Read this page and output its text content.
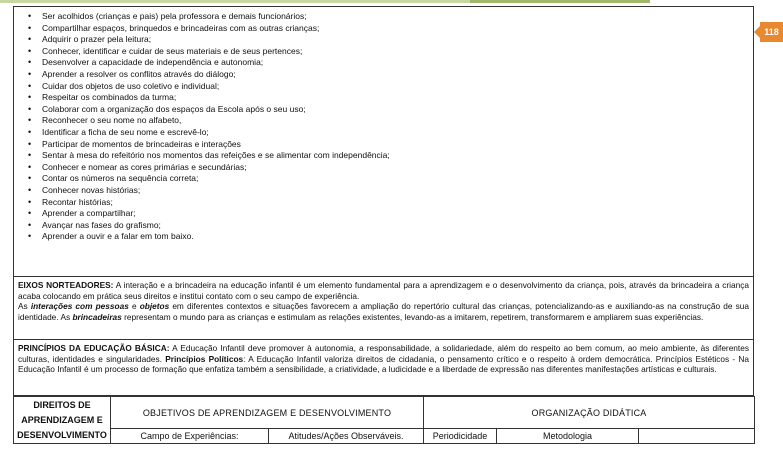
118
• Ser acolhidos (crianças e pais) pela professora e demais funcionários;
• Compartilhar espaços, brinquedos e brincadeiras com as outras crianças;
• Adquirir o prazer pela leitura;
• Conhecer, identificar e cuidar de seus materiais e de seus pertences;
• Desenvolver a capacidade de independência e autonomia;
• Aprender a resolver os conflitos através do diálogo;
• Cuidar dos objetos de uso coletivo e individual;
• Respeitar os combinados da turma;
• Colaborar com a organização dos espaços da Escola após o seu uso;
• Reconhecer o seu nome no alfabeto,
• Identificar a ficha de seu nome e escrevê-lo;
• Participar de momentos de brincadeiras e interações
• Sentar à mesa do refeitório nos momentos das refeições e se alimentar com independência;
• Conhecer e nomear as cores primárias e secundárias;
• Contar os números na sequência correta;
• Conhecer novas histórias;
• Recontar histórias;
• Aprender a compartilhar;
• Avançar nas fases do grafismo;
• Aprender a ouvir e a falar em tom baixo.
EIXOS NORTEADORES: A interação e a brincadeira na educação infantil é um elemento fundamental para a aprendizagem e o desenvolvimento da criança, pois, através da brincadeira a criança acaba colocando em prática seus direitos e institui contato com o seu campo de experiência.
As interações com pessoas e objetos em diferentes contextos e situações favorecem a ampliação do repertório cultural das crianças, potencializando-as e auxiliando-as na construção de sua identidade. As brincadeiras representam o mundo para as crianças e estimulam as relações existentes, levando-as a imitarem, repetirem, transformarem e ampliarem suas experiências.
PRINCÍPIOS DA EDUCAÇÃO BÁSICA: A Educação Infantil deve promover à autonomia, a responsabilidade, a solidariedade, além do respeito ao bem comum, ao meio ambiente, às diferentes culturas, identidades e singularidades. Princípios Políticos: A Educação Infantil valoriza direitos de cidadania, o pensamento crítico e o respeito à ordem democrática. Princípios Estéticos - Na Educação Infantil é um processo de formação que enfatiza também a sensibilidade, a criatividade, a ludicidade e a liberdade de expressão nas diferentes manifestações artísticas e culturais.
DIREITOS DE APRENDIZAGEM E DESENVOLVIMENTO	OBJETIVOS DE APRENDIZAGEM E DESENVOLVIMENTO		ORGANIZAÇÃO DIDÁTICA		
	Campo de Experiências:	Atitudes/Ações Observáveis.	Periodicidade	Metodologia	
